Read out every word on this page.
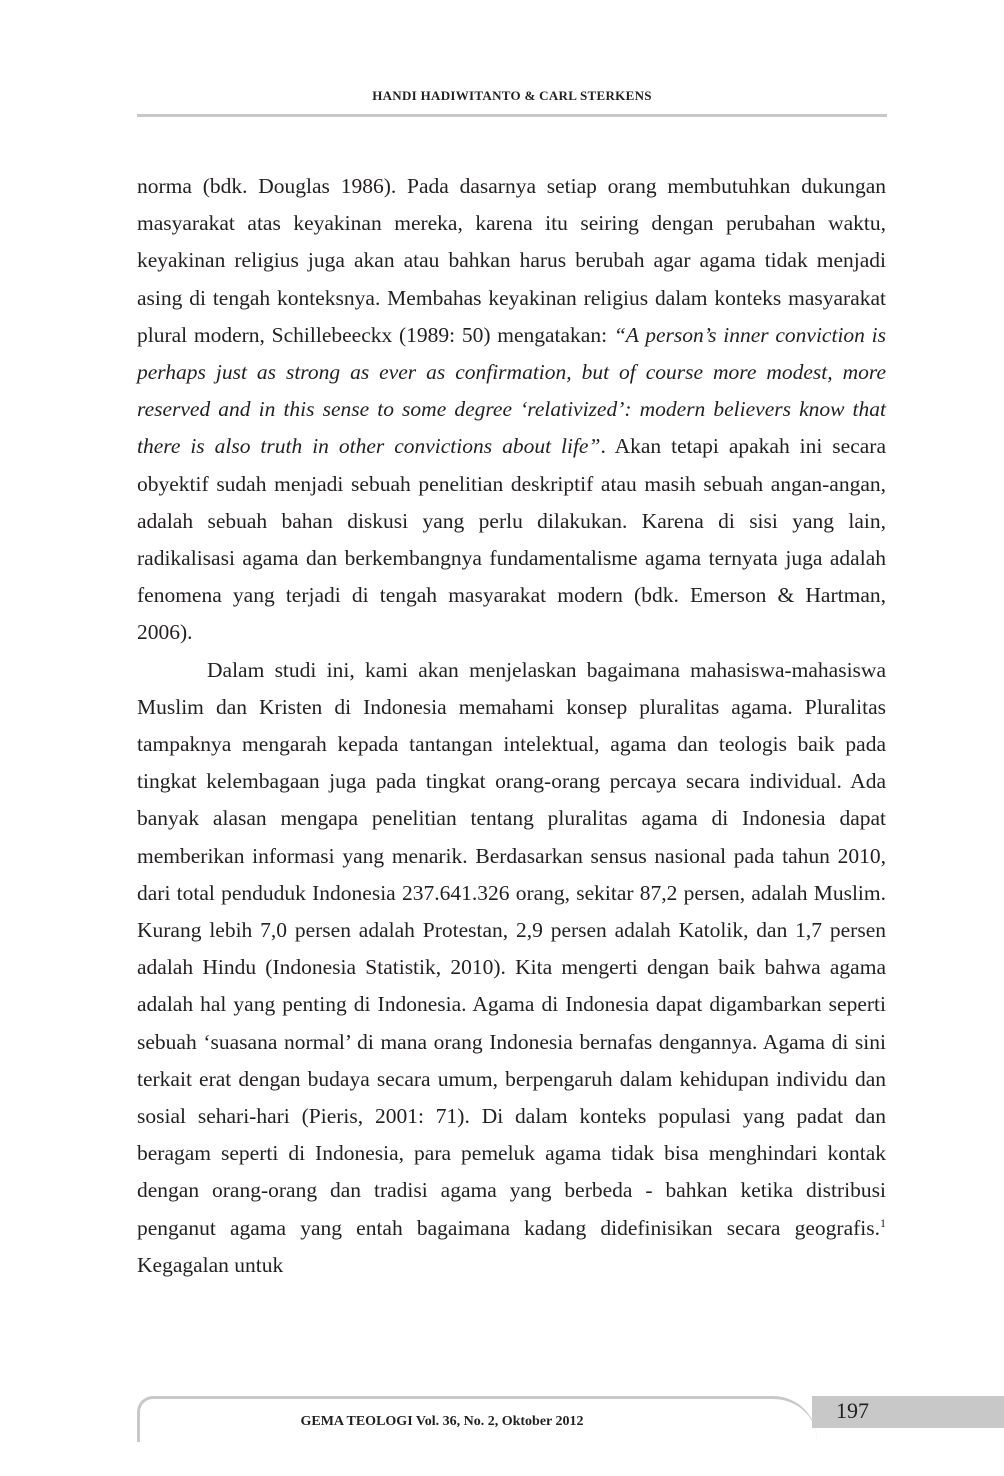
HANDI HADIWITANTO & CARL STERKENS

norma (bdk. Douglas 1986). Pada dasarnya setiap orang membutuhkan dukungan masyarakat atas keyakinan mereka, karena itu seiring dengan perubahan waktu, keyakinan religius juga akan atau bahkan harus berubah agar agama tidak menjadi asing di tengah konteksnya. Membahas keyakinan religius dalam konteks masyarakat plural modern, Schillebeeckx (1989: 50) mengatakan: “A person’s inner conviction is perhaps just as strong as ever as confirmation, but of course more modest, more reserved and in this sense to some degree ‘relativized’: modern believers know that there is also truth in other convictions about life”. Akan tetapi apakah ini secara obyektif sudah menjadi sebuah penelitian deskriptif atau masih sebuah angan-angan, adalah sebuah bahan diskusi yang perlu dilakukan. Karena di sisi yang lain, radikalisasi agama dan berkembangnya fundamentalisme agama ternyata juga adalah fenomena yang terjadi di tengah masyarakat modern (bdk. Emerson & Hartman, 2006).

Dalam studi ini, kami akan menjelaskan bagaimana mahasiswa-mahasiswa Muslim dan Kristen di Indonesia memahami konsep pluralitas agama. Pluralitas tampaknya mengarah kepada tantangan intelektual, agama dan teologis baik pada tingkat kelembagaan juga pada tingkat orang-orang percaya secara individual. Ada banyak alasan mengapa penelitian tentang pluralitas agama di Indonesia dapat memberikan informasi yang menarik. Berdasarkan sensus nasional pada tahun 2010, dari total penduduk Indonesia 237.641.326 orang, sekitar 87,2 persen, adalah Muslim. Kurang lebih 7,0 persen adalah Protestan, 2,9 persen adalah Katolik, dan 1,7 persen adalah Hindu (Indonesia Statistik, 2010). Kita mengerti dengan baik bahwa agama adalah hal yang penting di Indonesia. Agama di Indonesia dapat digambarkan seperti sebuah ‘suasana normal’ di mana orang Indonesia bernafas dengannya. Agama di sini terkait erat dengan budaya secara umum, berpengaruh dalam kehidupan individu dan sosial sehari-hari (Pieris, 2001: 71). Di dalam konteks populasi yang padat dan beragam seperti di Indonesia, para pemeluk agama tidak bisa menghindari kontak dengan orang-orang dan tradisi agama yang berbeda - bahkan ketika distribusi penganut agama yang entah bagaimana kadang didefinisikan secara geografis.$^1$ Kegagalan untuk

GEMA TEOLOGI Vol. 36, No. 2, Oktober 2012	197
